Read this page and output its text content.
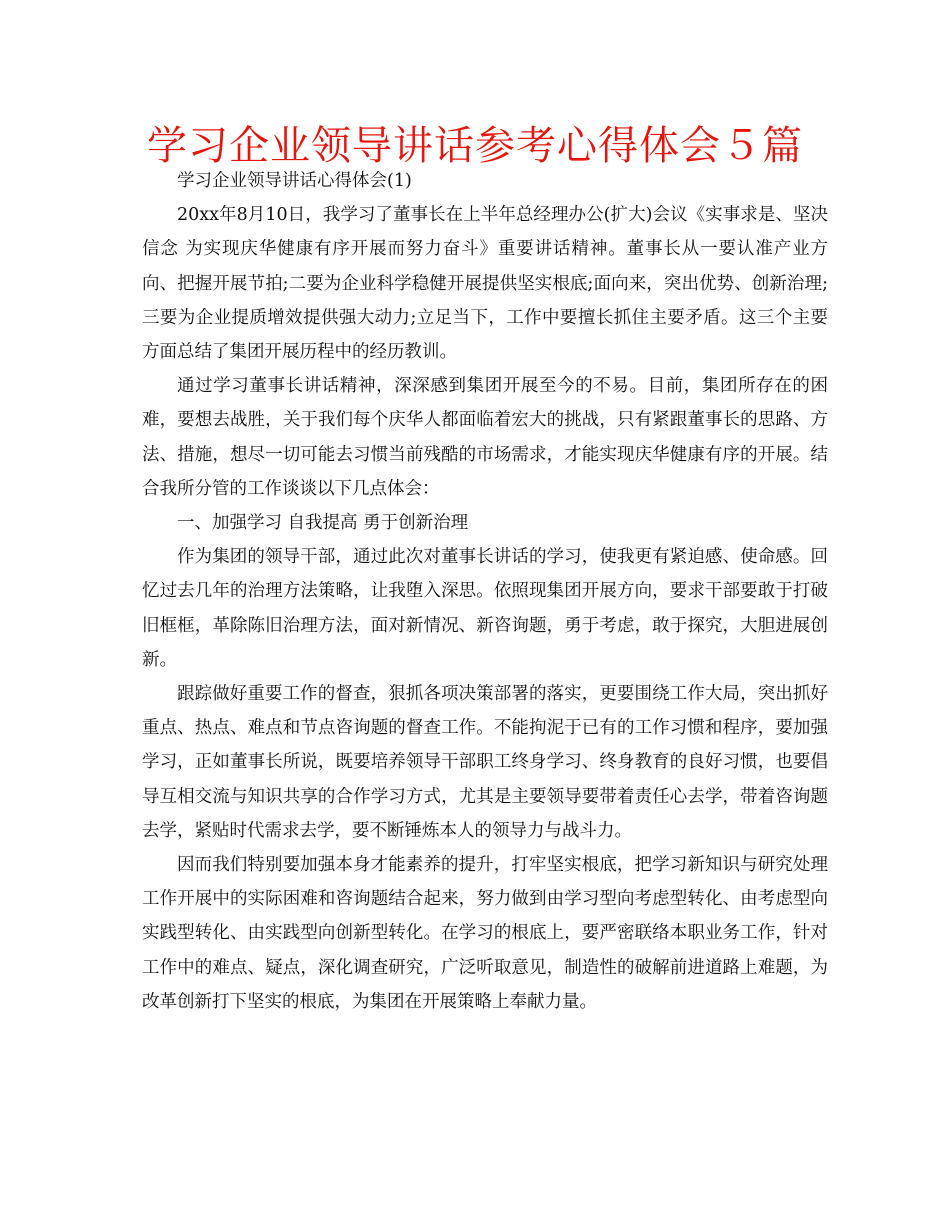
学习企业领导讲话参考心得体会５篇

学习企业领导讲话心得体会(1)

20xx年8月10日，我学习了董事长在上半年总经理办公(扩大)会议《实事求是、坚决信念 为实现庆华健康有序开展而努力奋斗》重要讲话精神。董事长从一要认准产业方向、把握开展节拍;二要为企业科学稳健开展提供坚实根底;面向来，突出优势、创新治理;三要为企业提质增效提供强大动力;立足当下，工作中要擅长抓住主要矛盾。这三个主要方面总结了集团开展历程中的经历教训。

通过学习董事长讲话精神，深深感到集团开展至今的不易。目前，集团所存在的困难，要想去战胜，关于我们每个庆华人都面临着宏大的挑战，只有紧跟董事长的思路、方法、措施，想尽一切可能去习惯当前残酷的市场需求，才能实现庆华健康有序的开展。结合我所分管的工作谈谈以下几点体会：

一、加强学习 自我提高 勇于创新治理

作为集团的领导干部，通过此次对董事长讲话的学习，使我更有紧迫感、使命感。回忆过去几年的治理方法策略，让我堕入深思。依照现集团开展方向，要求干部要敢于打破旧框框，革除陈旧治理方法，面对新情况、新咨询题，勇于考虑，敢于探究，大胆进展创新。

跟踪做好重要工作的督查，狠抓各项决策部署的落实，更要围绕工作大局，突出抓好重点、热点、难点和节点咨询题的督查工作。不能拘泥于已有的工作习惯和程序，要加强学习，正如董事长所说，既要培养领导干部职工终身学习、终身教育的良好习惯，也要倡导互相交流与知识共享的合作学习方式，尤其是主要领导要带着责任心去学，带着咨询题去学，紧贴时代需求去学，要不断锤炼本人的领导力与战斗力。

因而我们特别要加强本身才能素养的提升，打牢坚实根底，把学习新知识与研究处理工作开展中的实际困难和咨询题结合起来，努力做到由学习型向考虑型转化、由考虑型向实践型转化、由实践型向创新型转化。在学习的根底上，要严密联络本职业务工作，针对工作中的难点、疑点，深化调查研究，广泛听取意见，制造性的破解前进道路上难题，为改革创新打下坚实的根底，为集团在开展策略上奉献力量。
